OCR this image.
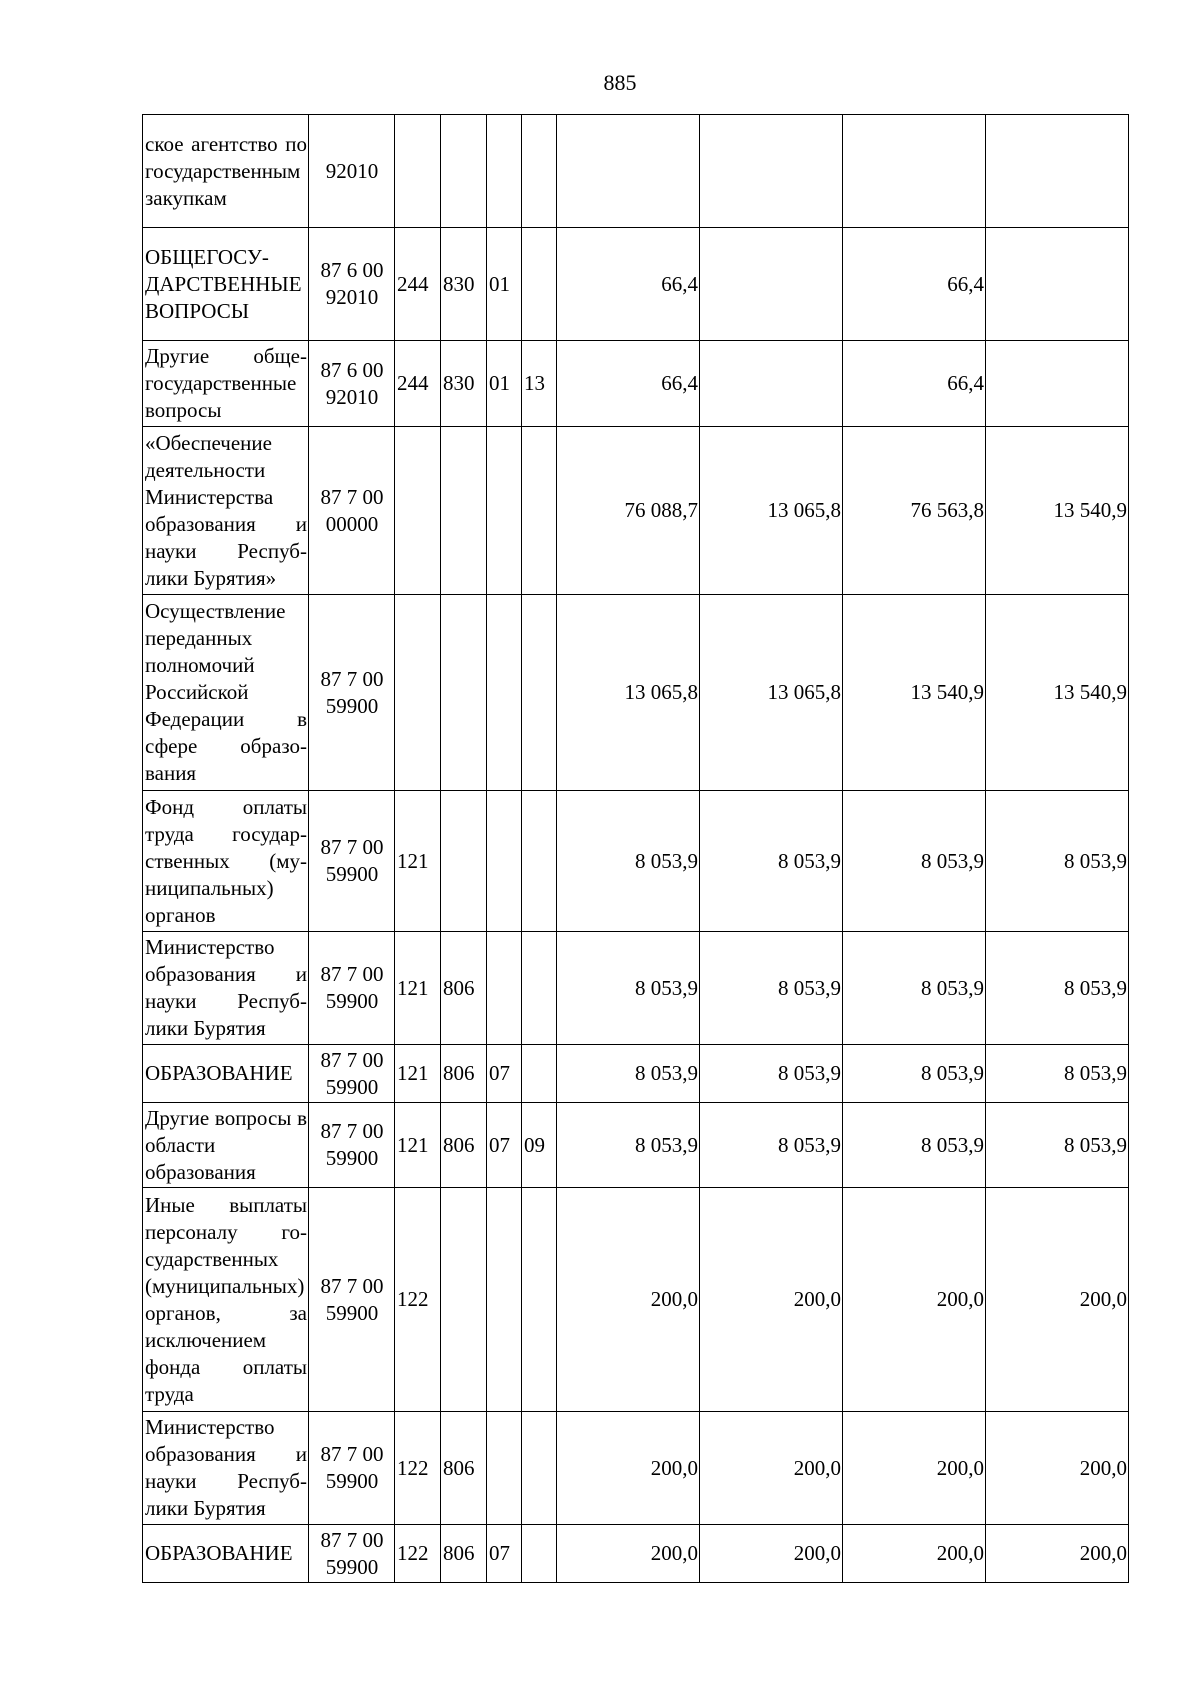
885
ское агентство по государственным закупкам	92010								
ОБЩЕГОСУДАРСТВЕННЫЕ ВОПРОСЫ	87 6 00 92010	244	830	01		66,4		66,4	
Другие общегосударственные вопросы	87 6 00 92010	244	830	01	13	66,4		66,4	
«Обеспечение деятельности Министерства образования и науки Республики Бурятия»	87 7 00 00000					76 088,7	13 065,8	76 563,8	13 540,9
Осуществление переданных полномочий Российской Федерации в сфере образования	87 7 00 59900					13 065,8	13 065,8	13 540,9	13 540,9
Фонд оплаты труда государственных (муниципальных) органов	87 7 00 59900	121				8 053,9	8 053,9	8 053,9	8 053,9
Министерство образования и науки Республики Бурятия	87 7 00 59900	121	806			8 053,9	8 053,9	8 053,9	8 053,9
ОБРАЗОВАНИЕ	87 7 00 59900	121	806	07		8 053,9	8 053,9	8 053,9	8 053,9
Другие вопросы в области образования	87 7 00 59900	121	806	07	09	8 053,9	8 053,9	8 053,9	8 053,9
Иные выплаты персоналу государственных (муниципальных) органов, за исключением фонда оплаты труда	87 7 00 59900	122				200,0	200,0	200,0	200,0
Министерство образования и науки Республики Бурятия	87 7 00 59900	122	806			200,0	200,0	200,0	200,0
ОБРАЗОВАНИЕ	87 7 00 59900	122	806	07		200,0	200,0	200,0	200,0
